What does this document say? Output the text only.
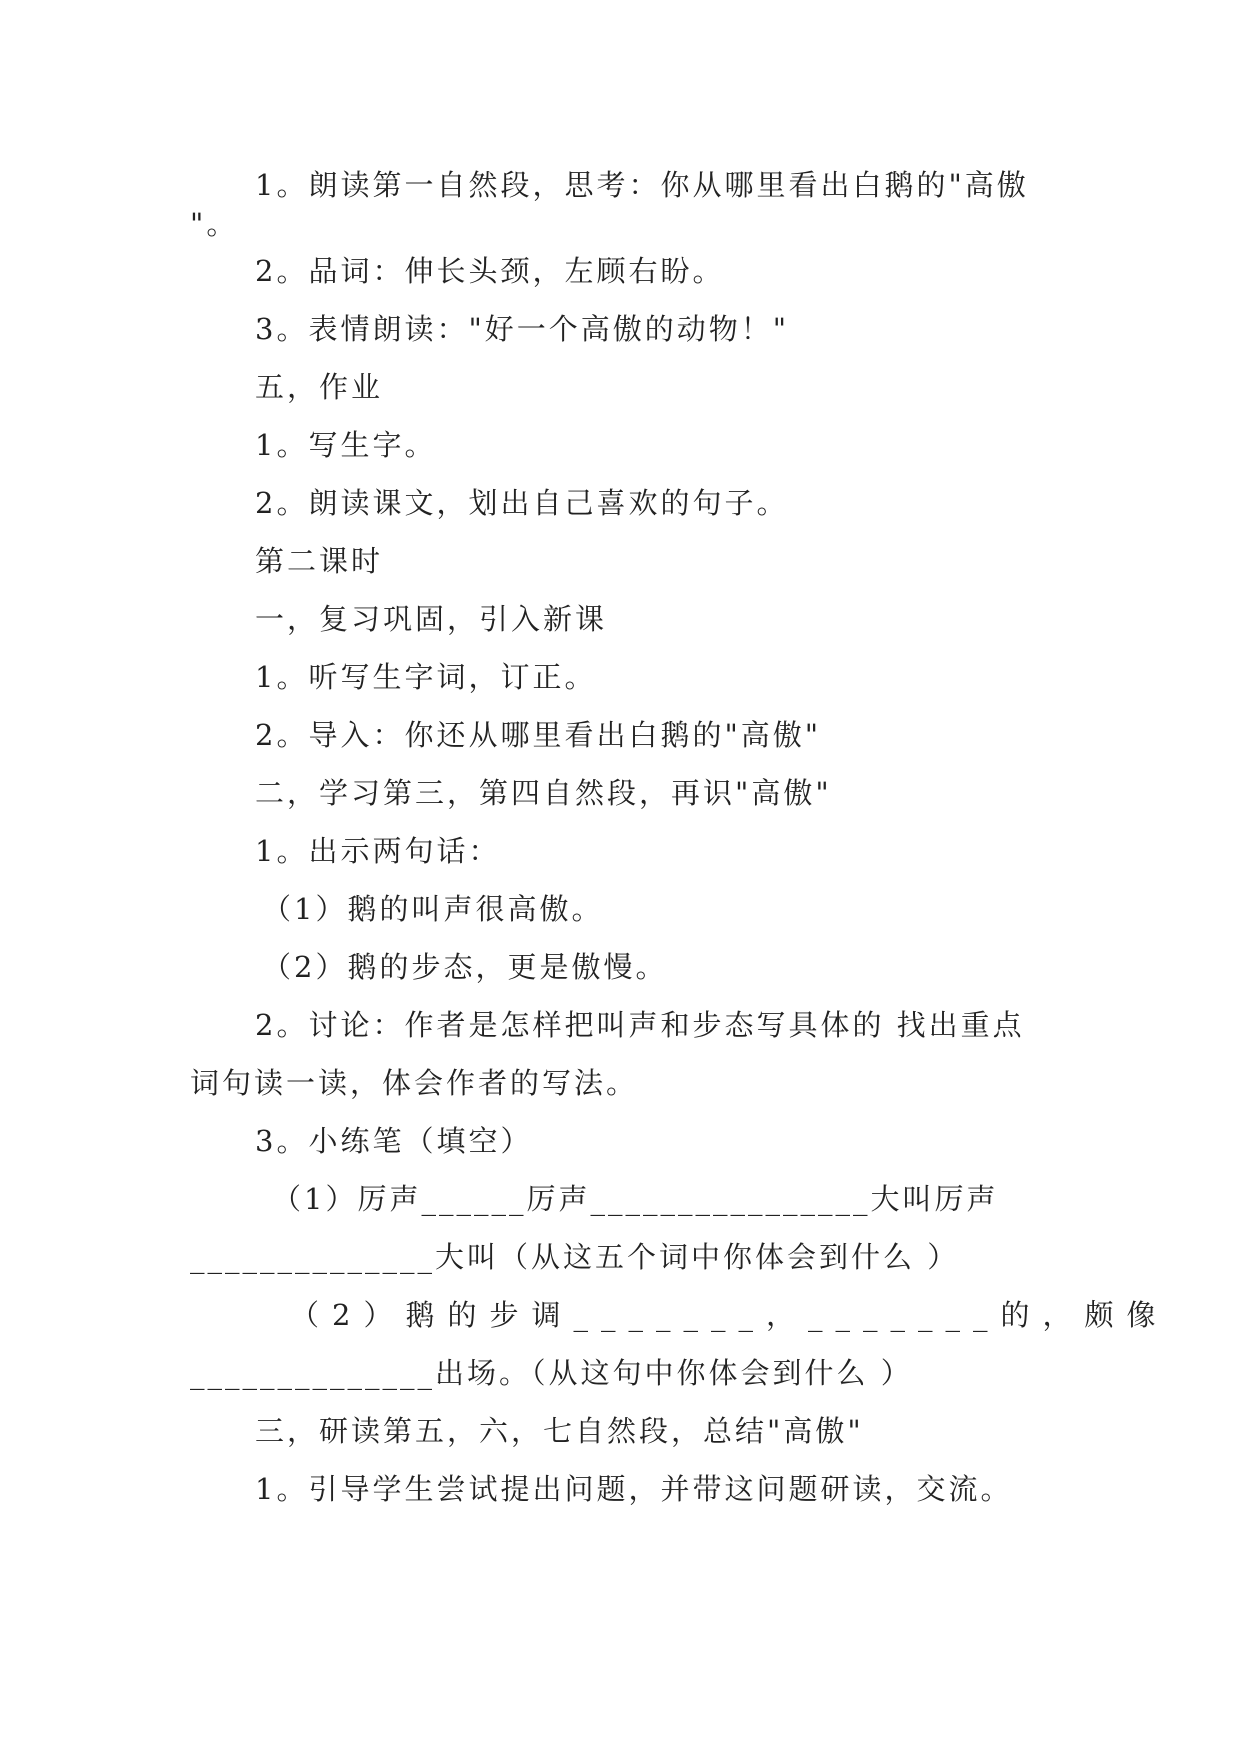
1。朗读第一自然段，思考：你从哪里看出白鹅的"高傲
"。
2。品词：伸长头颈，左顾右盼。
3。表情朗读："好一个高傲的动物！"
五，作业
1。写生字。
2。朗读课文，划出自己喜欢的句子。
第二课时
一，复习巩固，引入新课
1。听写生字词，订正。
2。导入：你还从哪里看出白鹅的"高傲"
二，学习第三，第四自然段，再识"高傲"
1。出示两句话：
（1）鹅的叫声很高傲。
（2）鹅的步态，更是傲慢。
2。讨论：作者是怎样把叫声和步态写具体的 找出重点
词句读一读，体会作者的写法。
3。小练笔（填空）
（1）厉声______厉声________________大叫厉声
______________大叫（从这五个词中你体会到什么 ）
（2）鹅的步调_______，_______的，颇像
______________出场。（从这句中你体会到什么 ）
三，研读第五，六，七自然段，总结"高傲"
1。引导学生尝试提出问题，并带这问题研读，交流。
